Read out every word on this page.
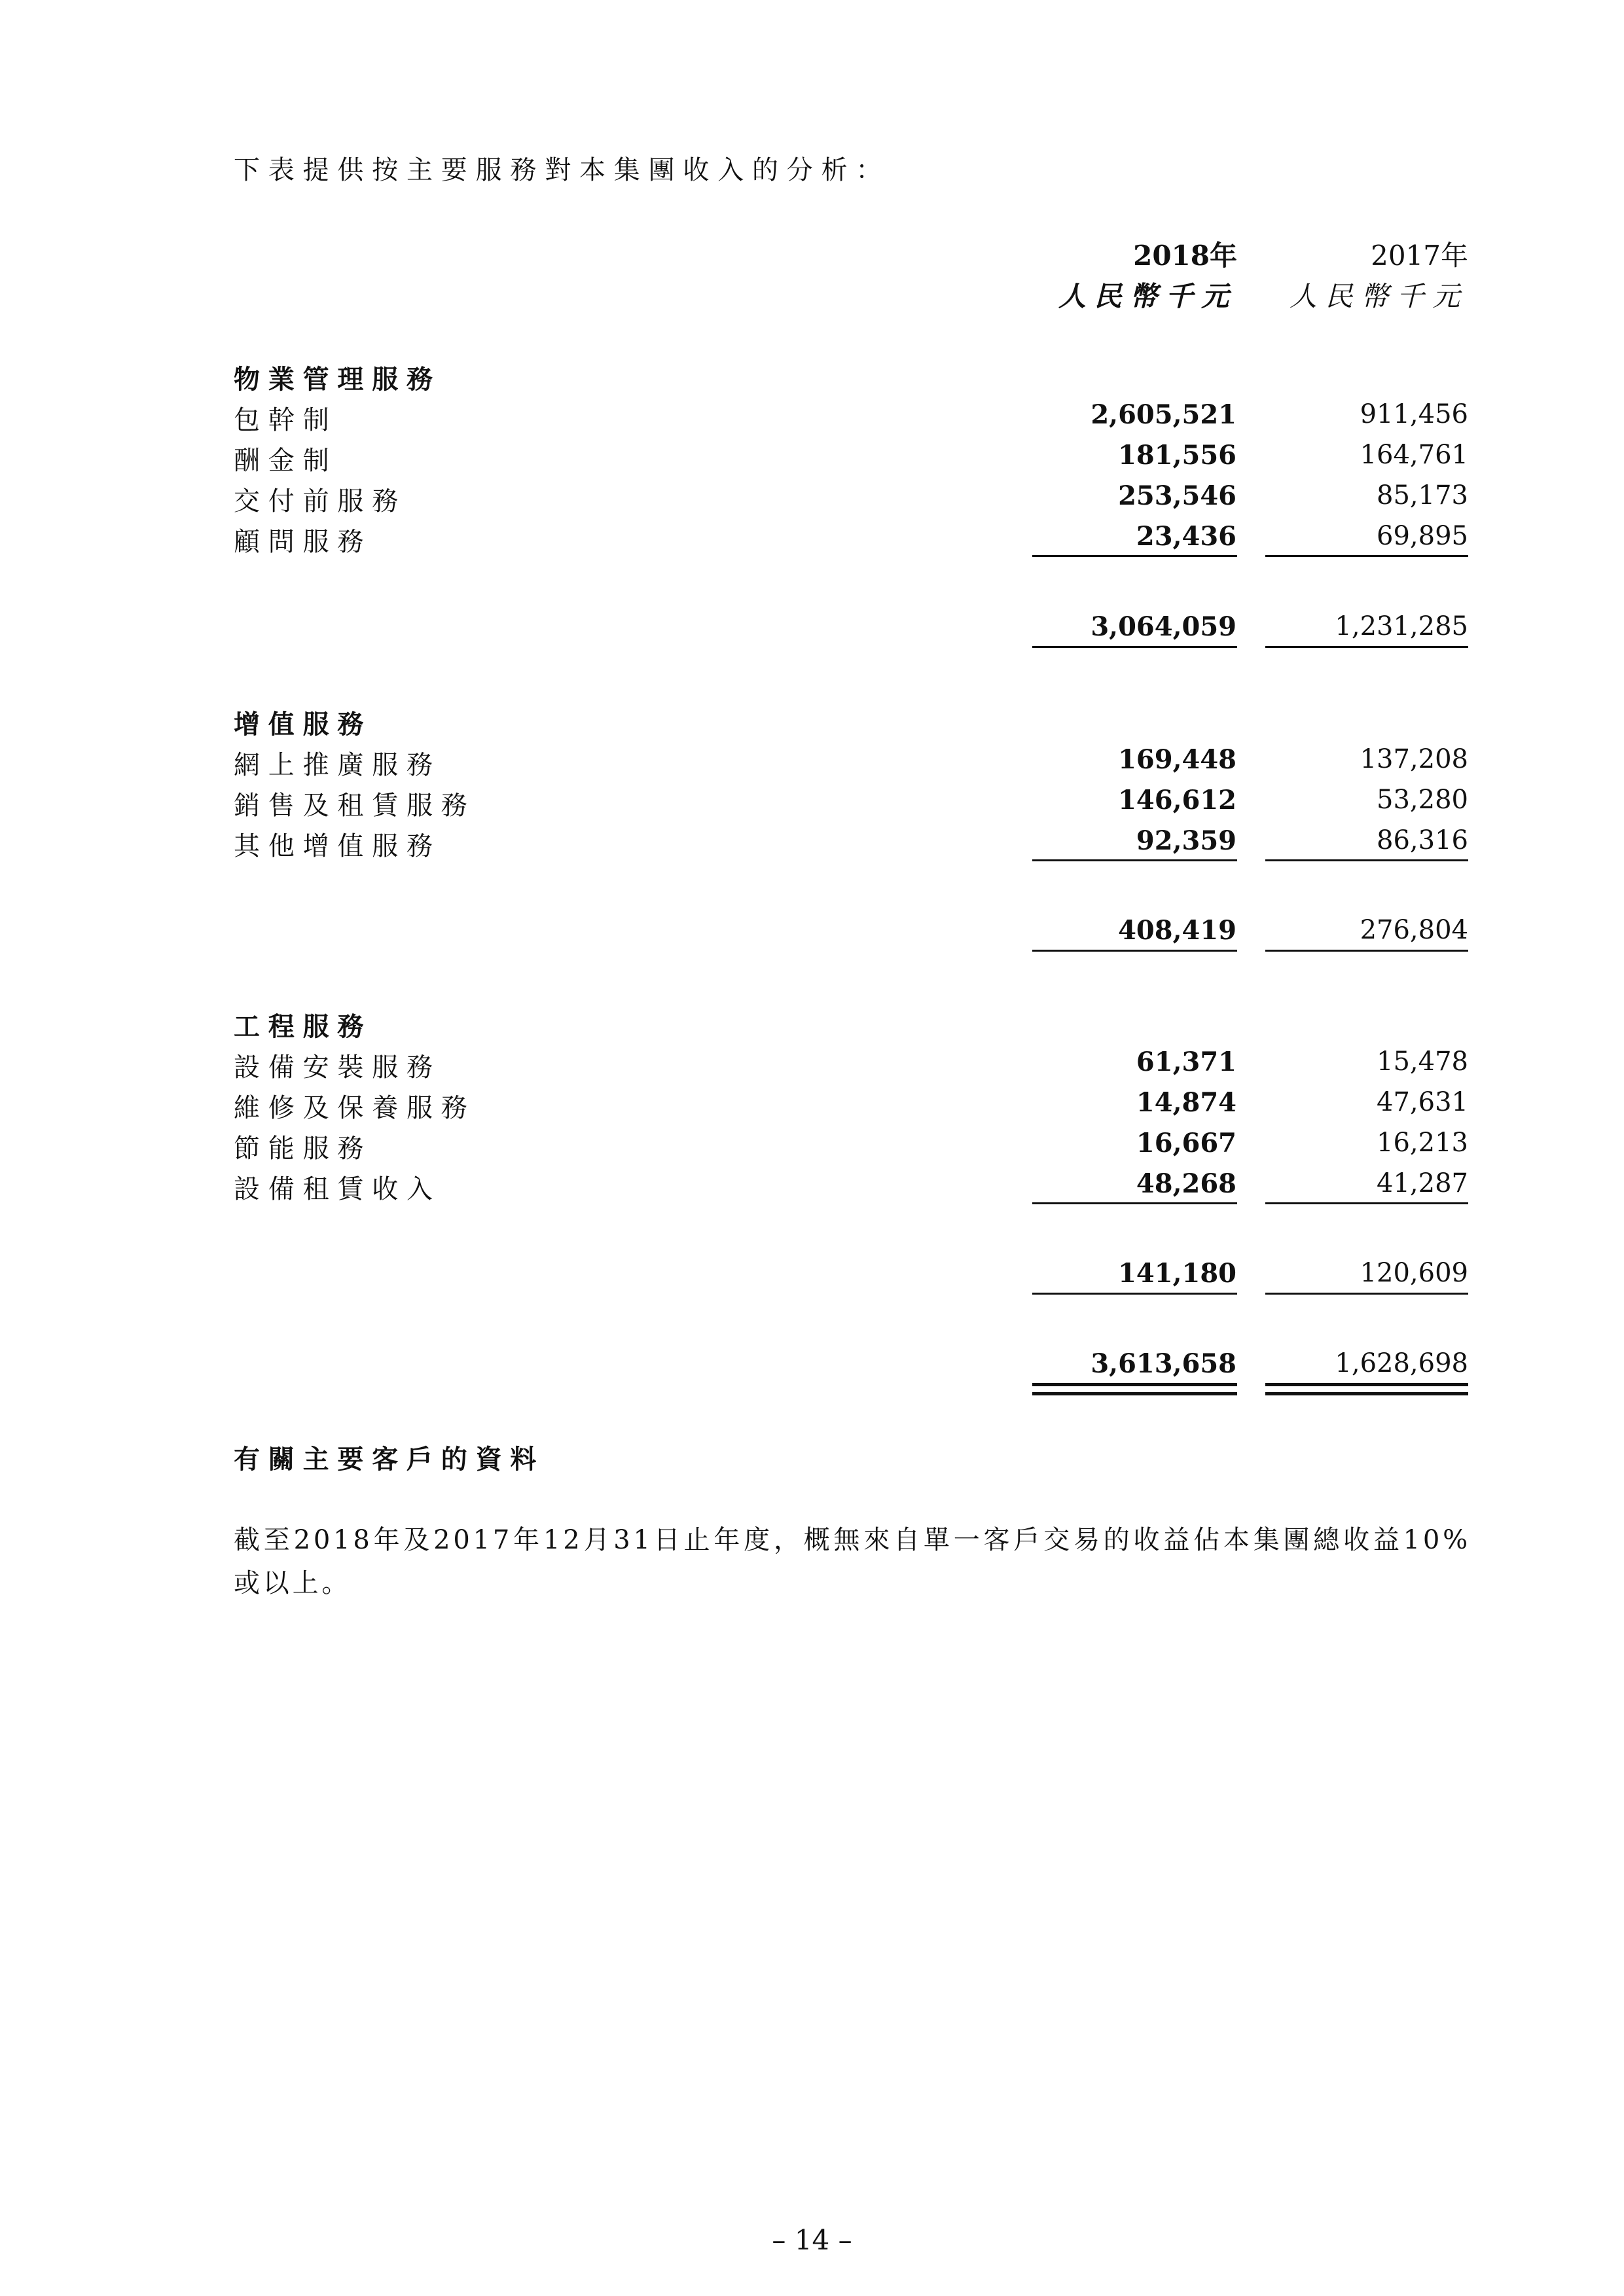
下表提供按主要服務對本集團收入的分析：
2018年	2017年
人民幣千元	人民幣千元
物業管理服務
包幹制	2,605,521	911,456
酬金制	181,556	164,761
交付前服務	253,546	85,173
顧問服務	23,436	69,895
3,064,059	1,231,285
增值服務
網上推廣服務	169,448	137,208
銷售及租賃服務	146,612	53,280
其他增值服務	92,359	86,316
408,419	276,804
工程服務
設備安裝服務	61,371	15,478
維修及保養服務	14,874	47,631
節能服務	16,667	16,213
設備租賃收入	48,268	41,287
141,180	120,609
3,613,658	1,628,698
有關主要客戶的資料
截至2018年及2017年12月31日止年度，概無來自單一客戶交易的收益佔本集團總收益10%或以上。
– 14 –
